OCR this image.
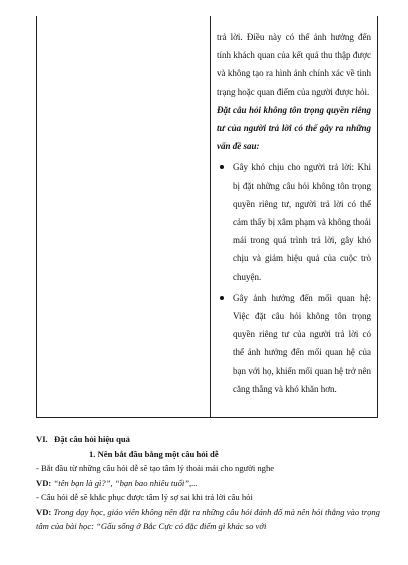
trả lời. Điều này có thể ảnh hưởng đến tính khách quan của kết quả thu thập được và không tạo ra hình ảnh chính xác về tình trạng hoặc quan điểm của người được hỏi.

Đặt câu hỏi không tôn trọng quyền riêng tư của người trả lời có thể gây ra những vấn đề sau:

Gây khó chịu cho người trả lời: Khi bị đặt những câu hỏi không tôn trọng quyền riêng tư, người trả lời có thể cảm thấy bị xâm phạm và không thoải mái trong quá trình trả lời, gây khó chịu và giảm hiệu quả của cuộc trò chuyện.
Gây ảnh hưởng đến mối quan hệ: Việc đặt câu hỏi không tôn trọng quyền riêng tư của người trả lời có thể ảnh hưởng đến mối quan hệ của bạn với họ, khiến mối quan hệ trở nên căng thẳng và khó khăn hơn.

VI. Đặt câu hỏi hiệu quả

1. Nên bắt đầu bằng một câu hỏi dễ

- Bắt đầu từ những câu hỏi dễ sẽ tạo tâm lý thoải mái cho người nghe

VD: “tên bạn là gì?”, “bạn bao nhiêu tuổi”,...

- Câu hỏi dễ sẽ khắc phục được tâm lý sợ sai khi trả lời câu hỏi

VD: Trong dạy học, giáo viên không nên đặt ra những câu hỏi đánh đố mà nên hỏi thẳng vào trọng tâm của bài học: “Gấu sống ở Bắc Cực có đặc điểm gì khác so với
